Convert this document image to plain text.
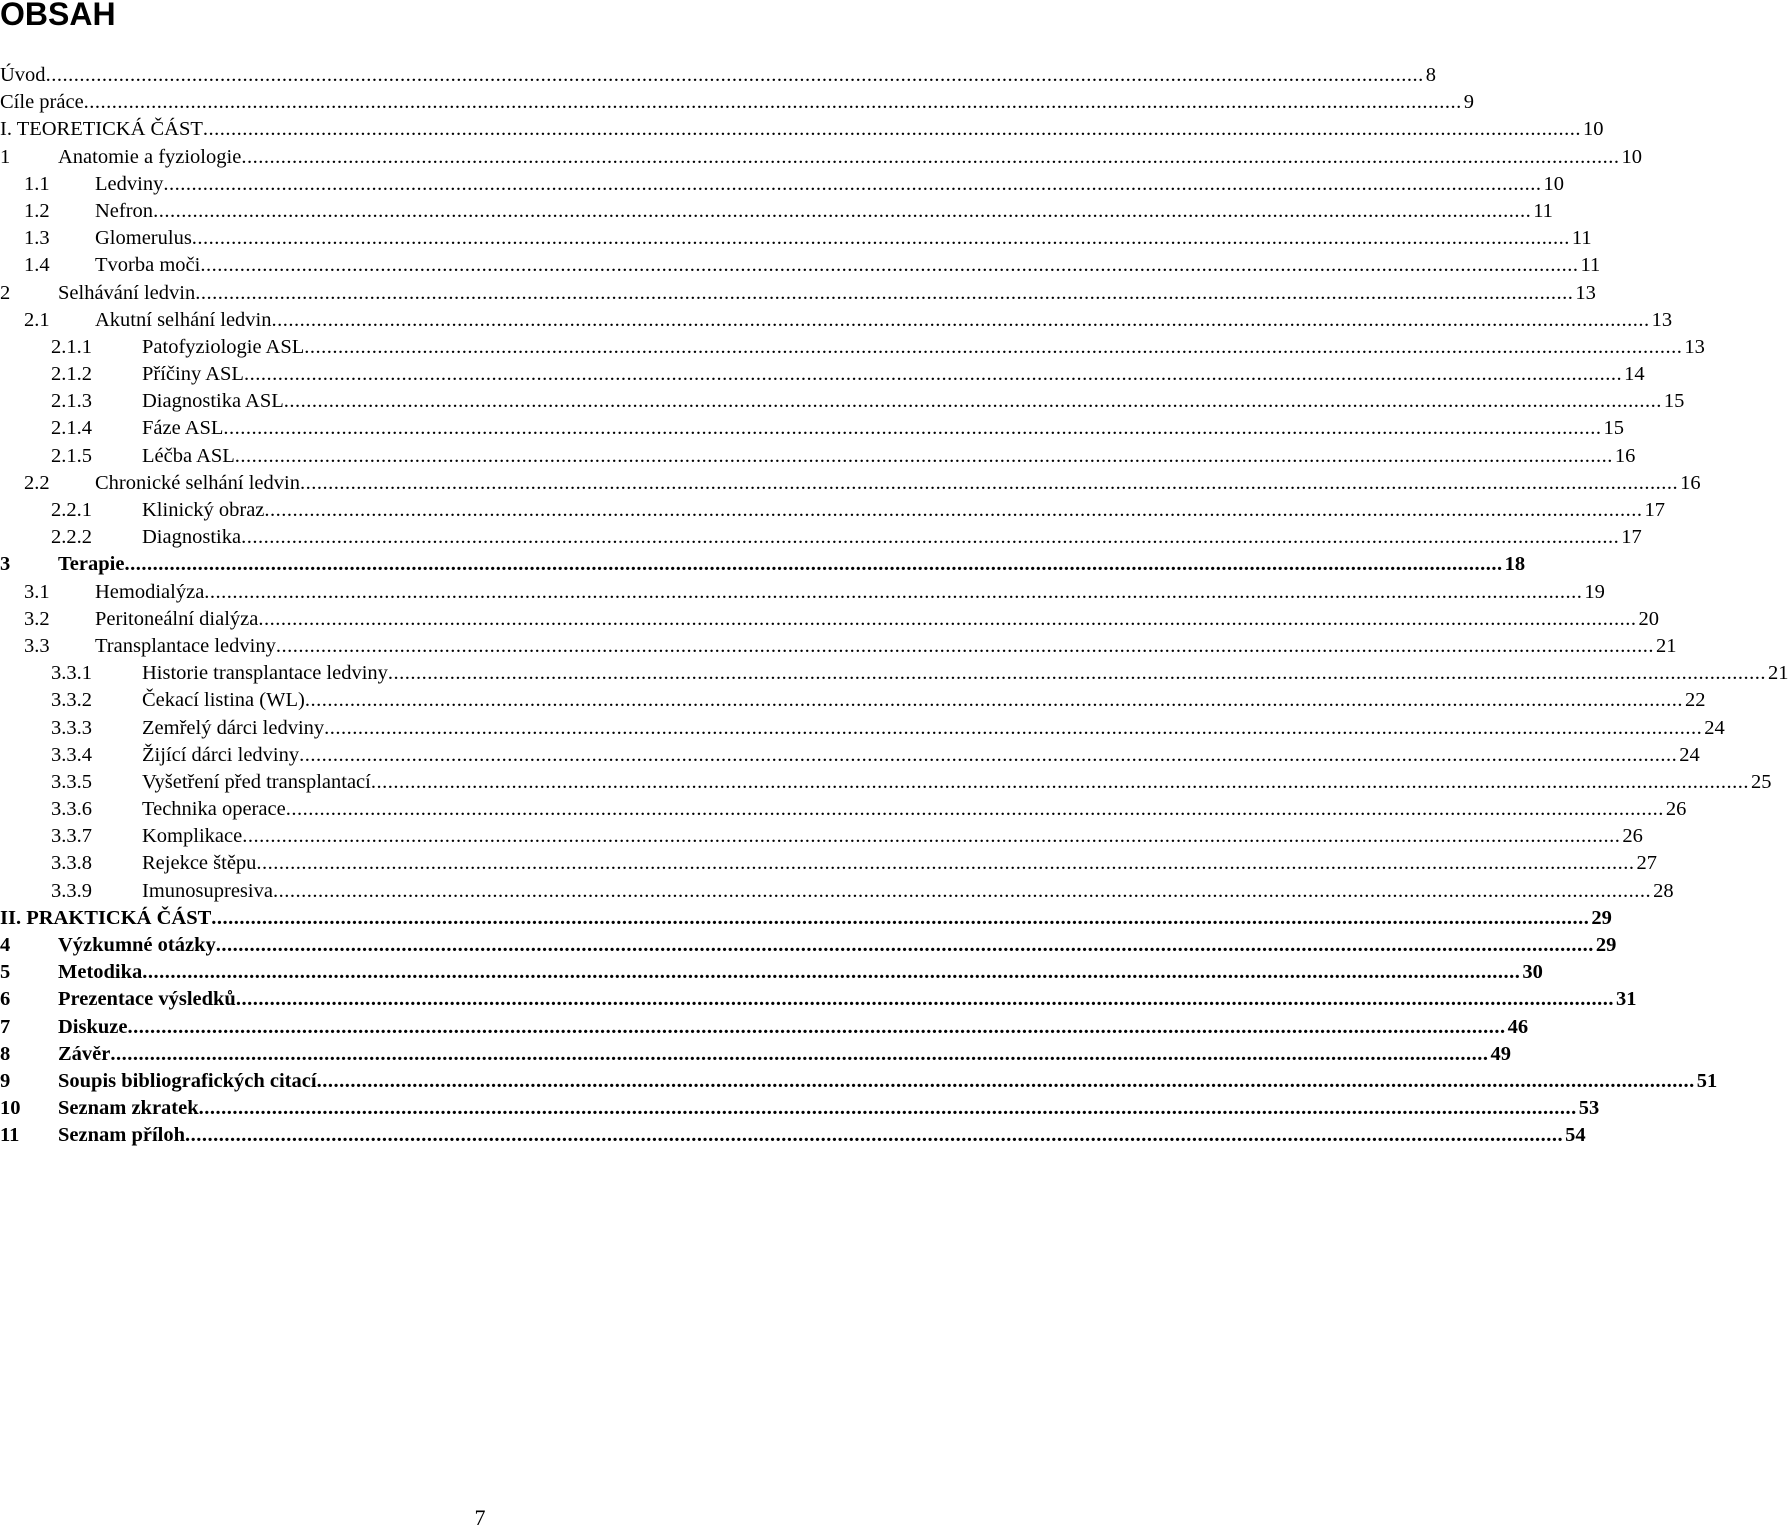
OBSAH
Úvod .....	8
Cíle práce .....	9
I. TEORETICKÁ ČÁST .....	10
1	Anatomie a fyziologie .....	10
1.1	Ledviny .....	10
1.2	Nefron .....	11
1.3	Glomerulus .....	11
1.4	Tvorba moči .....	11
2	Selhávání ledvin .....	13
2.1	Akutní selhání ledvin .....	13
2.1.1	Patofyziologie ASL .....	13
2.1.2	Příčiny ASL .....	14
2.1.3	Diagnostika ASL .....	15
2.1.4	Fáze ASL .....	15
2.1.5	Léčba ASL .....	16
2.2	Chronické selhání ledvin .....	16
2.2.1	Klinický obraz .....	17
2.2.2	Diagnostika .....	17
3	Terapie .....	18
3.1	Hemodialýza .....	19
3.2	Peritoneální dialýza .....	20
3.3	Transplantace ledviny .....	21
3.3.1	Historie transplantace ledviny .....	21
3.3.2	Čekací listina (WL) .....	22
3.3.3	Zemřelý dárci ledviny .....	24
3.3.4	Žijící dárci ledviny .....	24
3.3.5	Vyšetření před transplantací .....	25
3.3.6	Technika operace .....	26
3.3.7	Komplikace .....	26
3.3.8	Rejekce štěpu .....	27
3.3.9	Imunosupresiva .....	28
II. PRAKTICKÁ ČÁST .....	29
4	Výzkumné otázky .....	29
5	Metodika .....	30
6	Prezentace výsledků .....	31
7	Diskuze .....	46
8	Závěr .....	49
9	Soupis bibliografických citací .....	51
10	Seznam zkratek .....	53
11	Seznam příloh .....	54

7
